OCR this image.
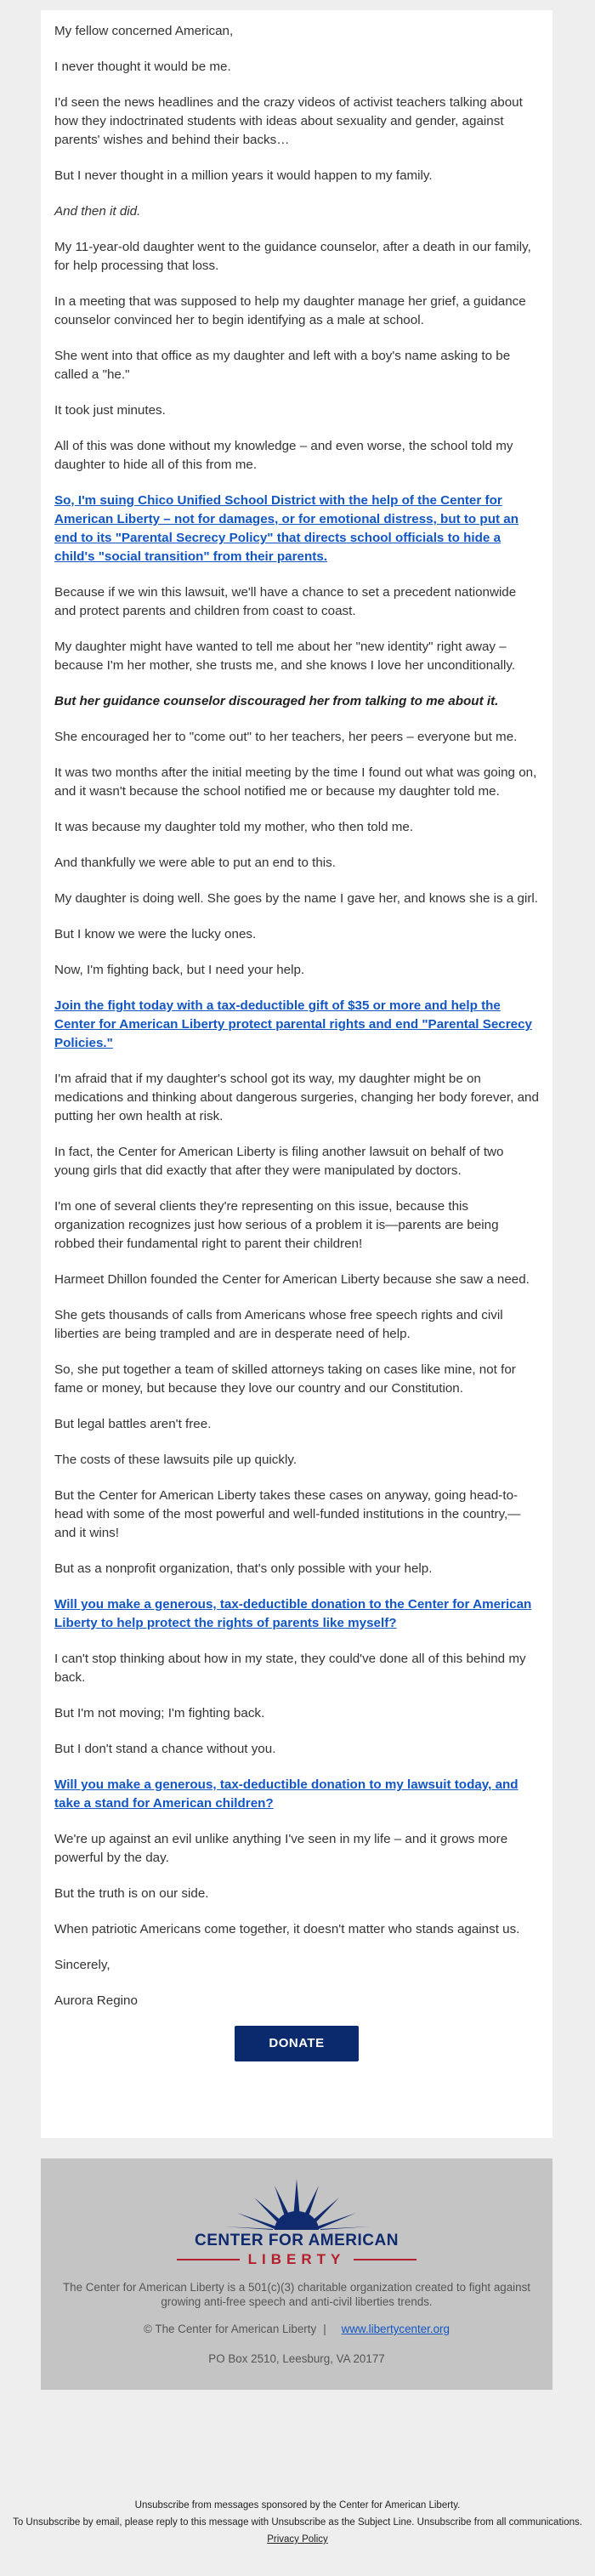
My fellow concerned American,

I never thought it would be me.

I'd seen the news headlines and the crazy videos of activist teachers talking about how they indoctrinated students with ideas about sexuality and gender, against parents' wishes and behind their backs…

But I never thought in a million years it would happen to my family.

And then it did.

My 11-year-old daughter went to the guidance counselor, after a death in our family, for help processing that loss.

In a meeting that was supposed to help my daughter manage her grief, a guidance counselor convinced her to begin identifying as a male at school.

She went into that office as my daughter and left with a boy's name asking to be called a "he."

It took just minutes.

All of this was done without my knowledge – and even worse, the school told my daughter to hide all of this from me.

So, I'm suing Chico Unified School District with the help of the Center for American Liberty – not for damages, or for emotional distress, but to put an end to its "Parental Secrecy Policy" that directs school officials to hide a child's "social transition" from their parents.

Because if we win this lawsuit, we'll have a chance to set a precedent nationwide and protect parents and children from coast to coast.

My daughter might have wanted to tell me about her "new identity" right away – because I'm her mother, she trusts me, and she knows I love her unconditionally.

But her guidance counselor discouraged her from talking to me about it.

She encouraged her to "come out" to her teachers, her peers – everyone but me.

It was two months after the initial meeting by the time I found out what was going on, and it wasn't because the school notified me or because my daughter told me.

It was because my daughter told my mother, who then told me.

And thankfully we were able to put an end to this.

My daughter is doing well. She goes by the name I gave her, and knows she is a girl.

But I know we were the lucky ones.

Now, I'm fighting back, but I need your help.

Join the fight today with a tax-deductible gift of $35 or more and help the Center for American Liberty protect parental rights and end "Parental Secrecy Policies."

I'm afraid that if my daughter's school got its way, my daughter might be on medications and thinking about dangerous surgeries, changing her body forever, and putting her own health at risk.

In fact, the Center for American Liberty is filing another lawsuit on behalf of two young girls that did exactly that after they were manipulated by doctors.

I'm one of several clients they're representing on this issue, because this organization recognizes just how serious of a problem it is—parents are being robbed their fundamental right to parent their children!

Harmeet Dhillon founded the Center for American Liberty because she saw a need.

She gets thousands of calls from Americans whose free speech rights and civil liberties are being trampled and are in desperate need of help.

So, she put together a team of skilled attorneys taking on cases like mine, not for fame or money, but because they love our country and our Constitution.

But legal battles aren't free.

The costs of these lawsuits pile up quickly.

But the Center for American Liberty takes these cases on anyway, going head-to-head with some of the most powerful and well-funded institutions in the country,—and it wins!

But as a nonprofit organization, that's only possible with your help.

Will you make a generous, tax-deductible donation to the Center for American Liberty to help protect the rights of parents like myself?

I can't stop thinking about how in my state, they could've done all of this behind my back.

But I'm not moving; I'm fighting back.

But I don't stand a chance without you.

Will you make a generous, tax-deductible donation to my lawsuit today, and take a stand for American children?

We're up against an evil unlike anything I've seen in my life – and it grows more powerful by the day.

But the truth is on our side.

When patriotic Americans come together, it doesn't matter who stands against us.

Sincerely,

Aurora Regino

DONATE
CENTER FOR AMERICAN
LIBERTY
The Center for American Liberty is a 501(c)(3) charitable organization created to fight against growing anti-free speech and anti-civil liberties trends.
© The Center for American Liberty | www.libertycenter.org
PO Box 2510, Leesburg, VA 20177
Unsubscribe from messages sponsored by the Center for American Liberty.
To Unsubscribe by email, please reply to this message with Unsubscribe as the Subject Line. Unsubscribe from all communications.
Privacy Policy
